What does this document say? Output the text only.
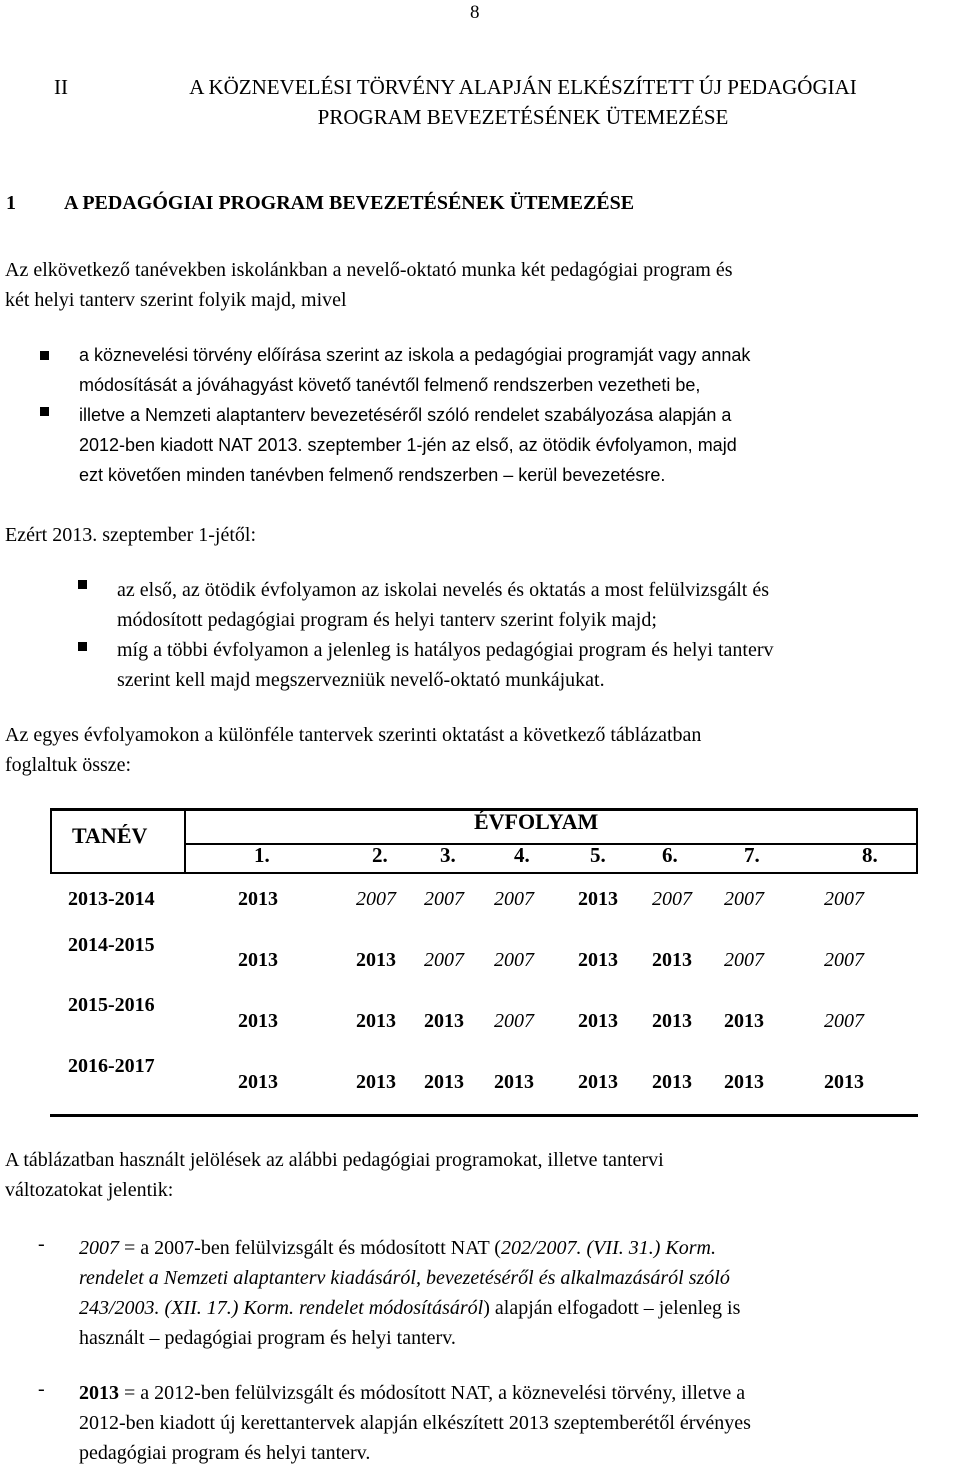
8
II	A KÖZNEVELÉSI TÖRVÉNY ALAPJÁN ELKÉSZÍTETT ÚJ PEDAGÓGIAI
PROGRAM BEVEZETÉSÉNEK ÜTEMEZÉSE
1 A PEDAGÓGIAI PROGRAM BEVEZETÉSÉNEK ÜTEMEZÉSE
Az elkövetkező tanévekben iskolánkban a nevelő-oktató munka két pedagógiai program és
két helyi tanterv szerint folyik majd, mivel
a köznevelési törvény előírása szerint az iskola a pedagógiai programját vagy annak
módosítását a jóváhagyást követő tanévtől felmenő rendszerben vezetheti be,
illetve a Nemzeti alaptanterv bevezetéséről szóló rendelet szabályozása alapján a
2012-ben kiadott NAT 2013. szeptember 1-jén az első, az ötödik évfolyamon, majd
ezt követően minden tanévben felmenő rendszerben – kerül bevezetésre.
Ezért 2013. szeptember 1-jétől:
az első, az ötödik évfolyamon az iskolai nevelés és oktatás a most felülvizsgált és
módosított pedagógiai program és helyi tanterv szerint folyik majd;
míg a többi évfolyamon a jelenleg is hatályos pedagógiai program és helyi tanterv
szerint kell majd megszervezniük nevelő-oktató munkájukat.
Az egyes évfolyamokon a különféle tantervek szerinti oktatást a következő táblázatban
foglaltuk össze:
TANÉV
ÉVFOLYAM
1.	2. 3.	4.	5.	6.	7.	8.
2013-2014	2013	2007 2007 2007 2013 2007 2007	2007
2014-2015
2013	2013 2007 2007 2013 2013 2007	2007
2015-2016
2013	2013 2013 2007 2013 2013 2013	2007
2016-2017
2013	2013 2013 2013 2013 2013 2013	2013
A táblázatban használt jelölések az alábbi pedagógiai programokat, illetve tantervi
változatokat jelentik:
- 2007 = a 2007-ben felülvizsgált és módosított NAT (202/2007. (VII. 31.) Korm.
rendelet a Nemzeti alaptanterv kiadásáról, bevezetéséről és alkalmazásáról szóló
243/2003. (XII. 17.) Korm. rendelet módosításáról) alapján elfogadott – jelenleg is
használt – pedagógiai program és helyi tanterv.
- 2013 = a 2012-ben felülvizsgált és módosított NAT, a köznevelési törvény, illetve a
2012-ben kiadott új kerettantervek alapján elkészített 2013 szeptemberétől érvényes
pedagógiai program és helyi tanterv.
